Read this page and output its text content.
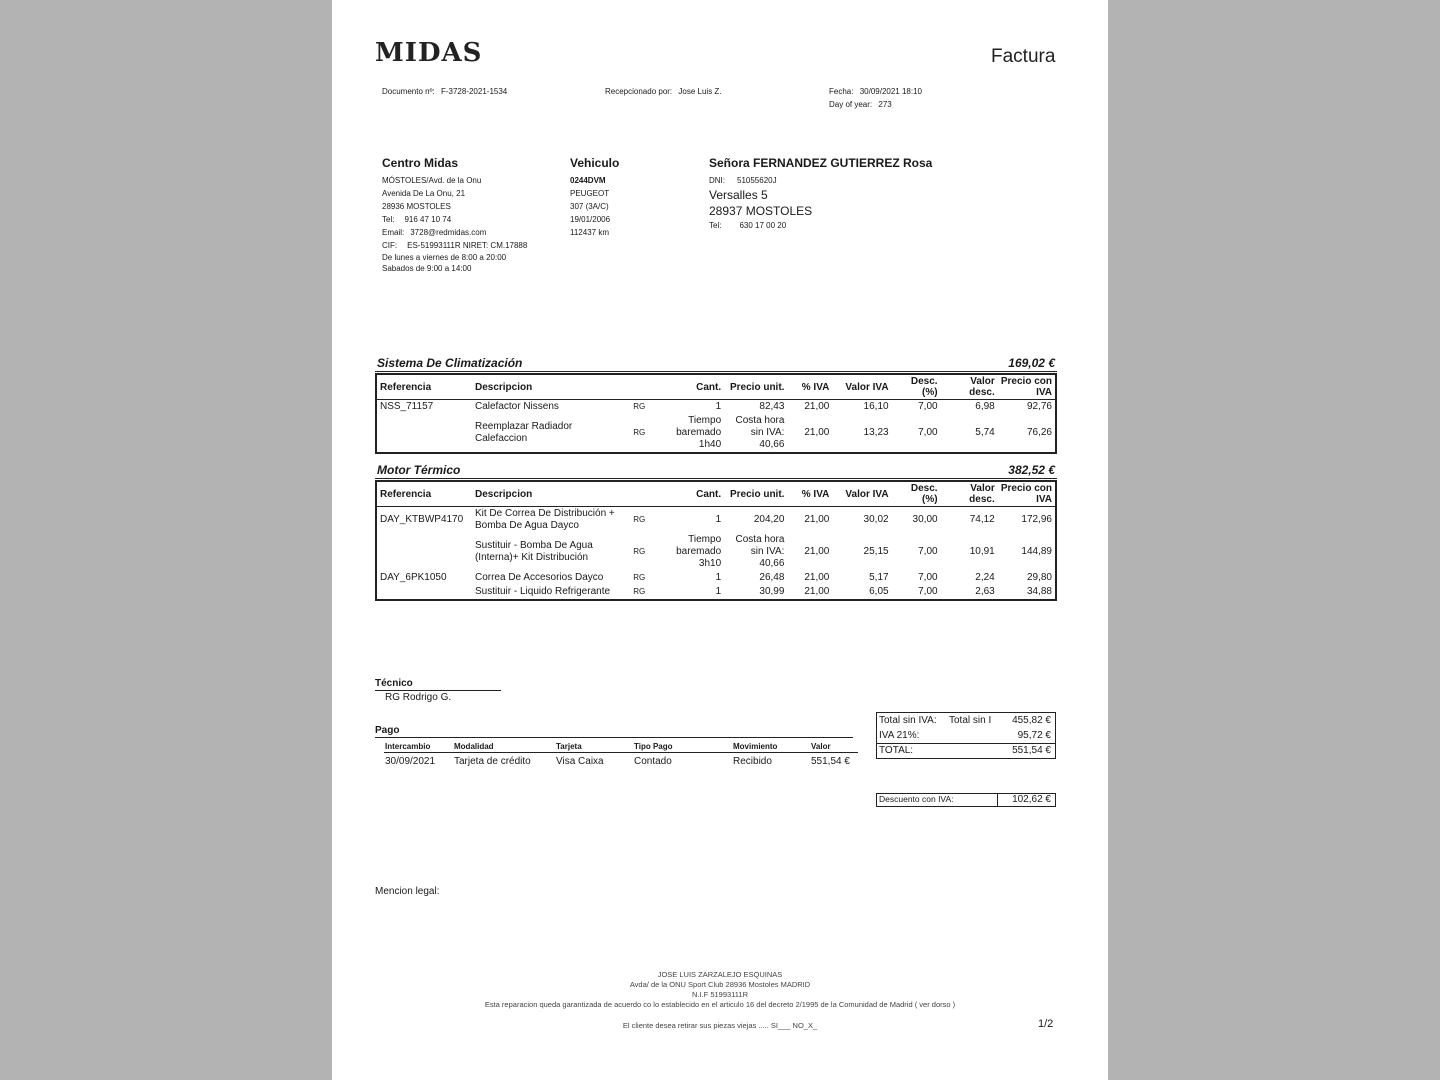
MIDAS	Factura
Documento nº: F-3728-2021-1534	Recepcionado por: Jose Luis Z.	Fecha: 30/09/2021 18:10
Day of year: 273
Centro Midas
MÓSTOLES/Avd. de la Onu
Avenida De La Onu, 21
28936 MOSTOLES
Tel: 916 47 10 74
Email: 3728@redmidas.com
CIF: ES-51993111R NIRET: CM.17888
De lunes a viernes de 8:00 a 20:00
Sabados de 9:00 a 14:00
Vehiculo
0244DVM
PEUGEOT
307 (3A/C)
19/01/2006
112437 km
Señora FERNANDEZ GUTIERREZ Rosa
DNI: 51055620J
Versalles 5
28937 MOSTOLES
Tel: 630 17 00 20
Sistema De Climatización	169,02 €
Referencia	Descripcion		Cant.	Precio unit.	% IVA	Valor IVA	Desc. (%)	Valor desc.	Precio con IVA
NSS_71157	Calefactor Nissens	RG	1	82,43	21,00	16,10	7,00	6,98	92,76
	Reemplazar Radiador Calefaccion	RG	Tiempo baremado 1h40	Costa hora sin IVA: 40,66	21,00	13,23	7,00	5,74	76,26
Motor Térmico	382,52 €
Referencia	Descripcion		Cant.	Precio unit.	% IVA	Valor IVA	Desc. (%)	Valor desc.	Precio con IVA
DAY_KTBWP4170	Kit De Correa De Distribución + Bomba De Agua Dayco	RG	1	204,20	21,00	30,02	30,00	74,12	172,96
	Sustituir - Bomba De Agua (Interna)+ Kit Distribución	RG	Tiempo baremado 3h10	Costa hora sin IVA: 40,66	21,00	25,15	7,00	10,91	144,89
DAY_6PK1050	Correa De Accesorios Dayco	RG	1	26,48	21,00	5,17	7,00	2,24	29,80
	Sustituir - Liquido Refrigerante	RG	1	30,99	21,00	6,05	7,00	2,63	34,88
Técnico
RG Rodrigo G.
Pago
Intercambio	Modalidad	Tarjeta	Tipo Pago	Movimiento	Valor
30/09/2021 Tarjeta de crédito	Visa Caixa	Contado	Recibido	551,54 €
Total sin IVA: Total sin I 455,82 €
IVA 21%:	95,72 €
TOTAL:	551,54 €
Descuento con IVA:	102,62 €
Mencion legal:
JOSE LUIS ZARZALEJO ESQUINAS
Avda/ de la ONU Sport Club 28936 Mostoles MADRID
N.I.F 51993111R
Esta reparacion queda garantizada de acuerdo co lo establecido en el articulo 16 del decreto 2/1995 de la Comunidad de Madrid ( ver dorso )
El cliente desea retirar sus piezas viejas ..... SI___ NO_X_	1/2
